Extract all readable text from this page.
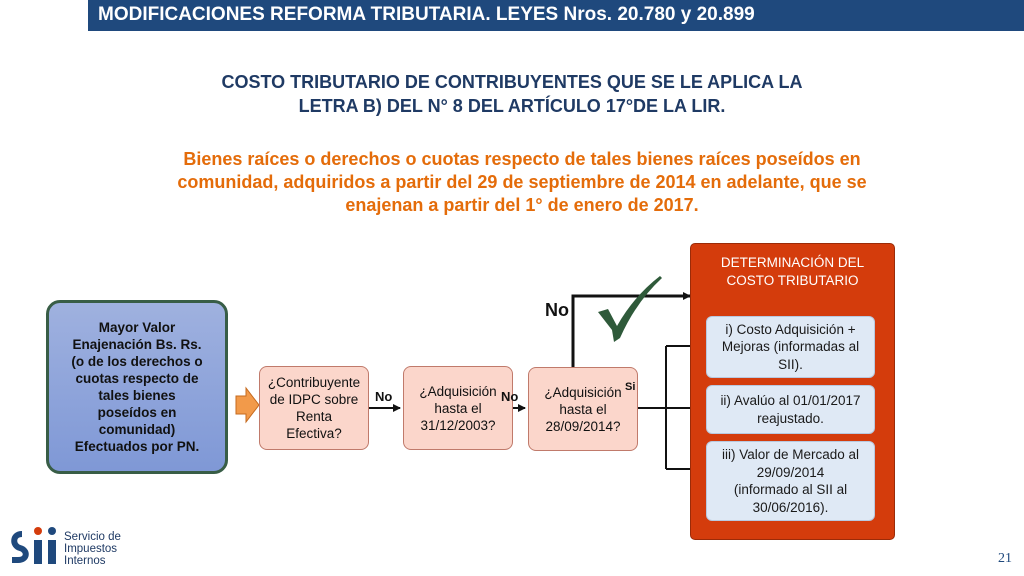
MODIFICACIONES REFORMA TRIBUTARIA. LEYES Nros. 20.780 y 20.899
COSTO TRIBUTARIO DE CONTRIBUYENTES QUE SE LE APLICA LA
LETRA B) DEL N° 8 DEL ARTÍCULO 17°DE LA LIR.
Bienes raíces o derechos o cuotas respecto de tales bienes raíces poseídos en
comunidad, adquiridos a partir del 29 de septiembre de 2014 en adelante, que se
enajenan a partir del 1° de enero de 2017.
Mayor Valor
Enajenación Bs. Rs.
(o de los derechos o
cuotas respecto de
tales bienes
poseídos en
comunidad)
Efectuados por PN.
¿Contribuyente
de IDPC sobre
Renta
Efectiva?
¿Adquisición
hasta el
31/12/2003?
¿Adquisición
hasta el
28/09/2014?
No	No
Si
No
DETERMINACIÓN DEL
COSTO TRIBUTARIO
i) Costo Adquisición +
Mejoras (informadas al
SII).
ii) Avalúo al 01/01/2017
reajustado.
iii) Valor de Mercado al
29/09/2014
(informado al SII al
30/06/2016).
Servicio de
Impuestos
Internos	21
